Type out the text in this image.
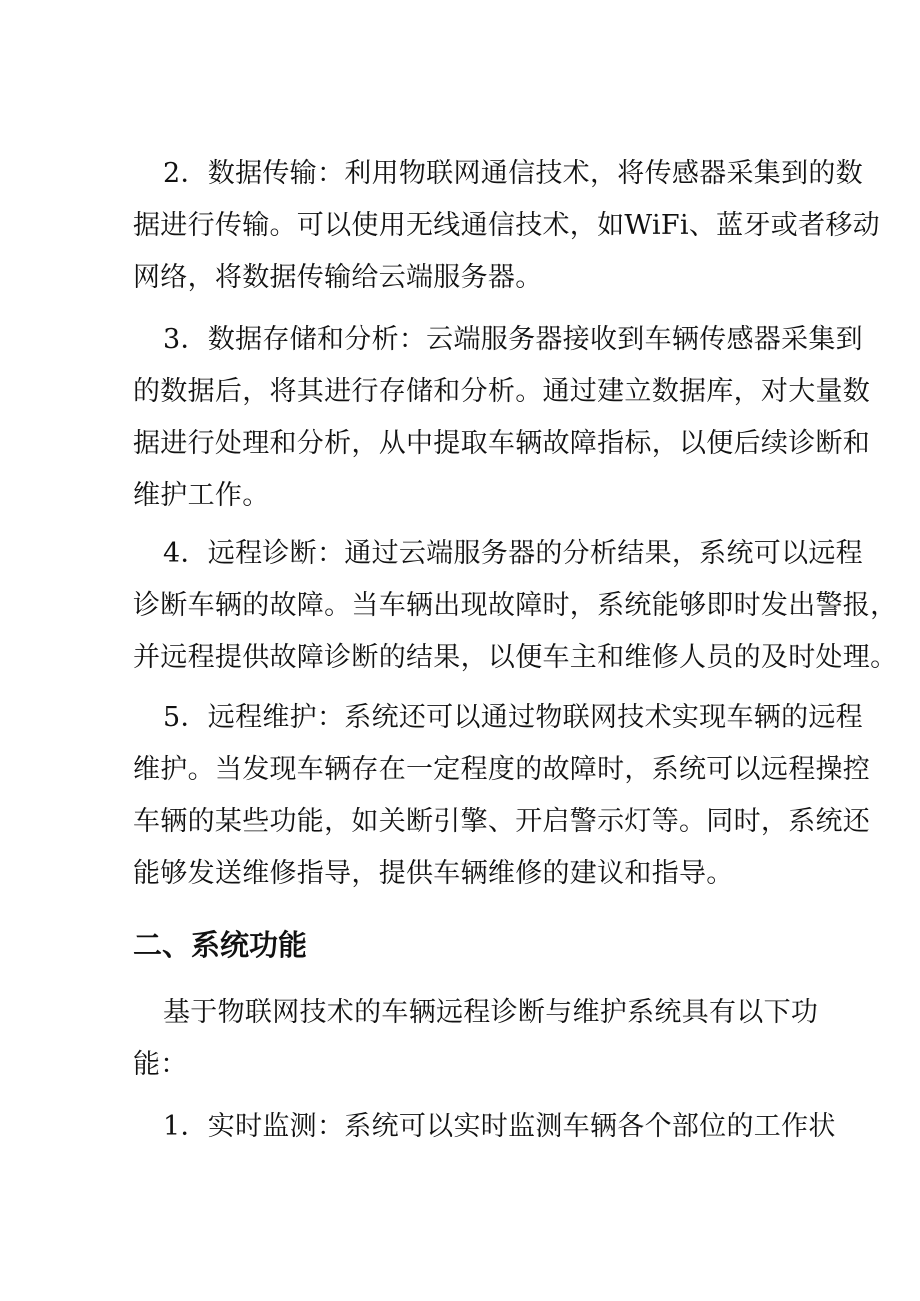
2．数据传输：利用物联网通信技术，将传感器采集到的数
据进行传输。可以使用无线通信技术，如WiFi、蓝牙或者移动
网络，将数据传输给云端服务器。

3．数据存储和分析：云端服务器接收到车辆传感器采集到
的数据后，将其进行存储和分析。通过建立数据库，对大量数
据进行处理和分析，从中提取车辆故障指标，以便后续诊断和
维护工作。

4．远程诊断：通过云端服务器的分析结果，系统可以远程
诊断车辆的故障。当车辆出现故障时，系统能够即时发出警报，
并远程提供故障诊断的结果，以便车主和维修人员的及时处理。

5．远程维护：系统还可以通过物联网技术实现车辆的远程
维护。当发现车辆存在一定程度的故障时，系统可以远程操控
车辆的某些功能，如关断引擎、开启警示灯等。同时，系统还
能够发送维修指导，提供车辆维修的建议和指导。

二、系统功能

基于物联网技术的车辆远程诊断与维护系统具有以下功
能：

1．实时监测：系统可以实时监测车辆各个部位的工作状
